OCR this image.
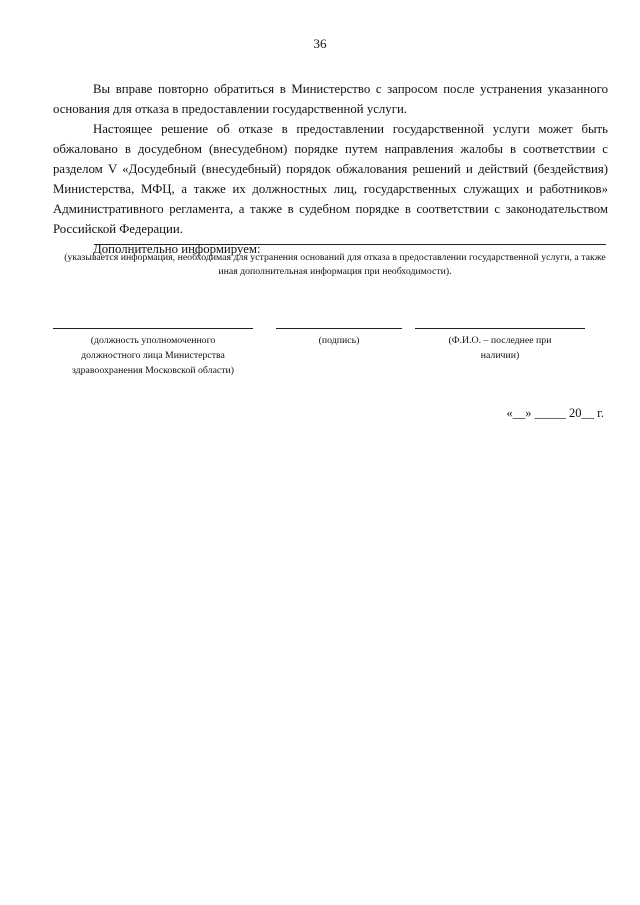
36

Вы вправе повторно обратиться в Министерство с запросом после устранения указанного основания для отказа в предоставлении государственной услуги.

Настоящее решение об отказе в предоставлении государственной услуги может быть обжаловано в досудебном (внесудебном) порядке путем направления жалобы в соответствии с разделом V «Досудебный (внесудебный) порядок обжалования решений и действий (бездействия) Министерства, МФЦ, а также их должностных лиц, государственных служащих и работников» Административного регламента, а также в судебном порядке в соответствии с законодательством Российской Федерации.

Дополнительно информируем:

(указывается информация, необходимая для устранения оснований для отказа в предоставлении государственной услуги, а также иная дополнительная информация при необходимости).
(должность уполномоченного должностного лица Министерства здравоохранения Московской области)
(подпись)	(Ф.И.О. – последнее при наличии)
«__» _____ 20__ г.
